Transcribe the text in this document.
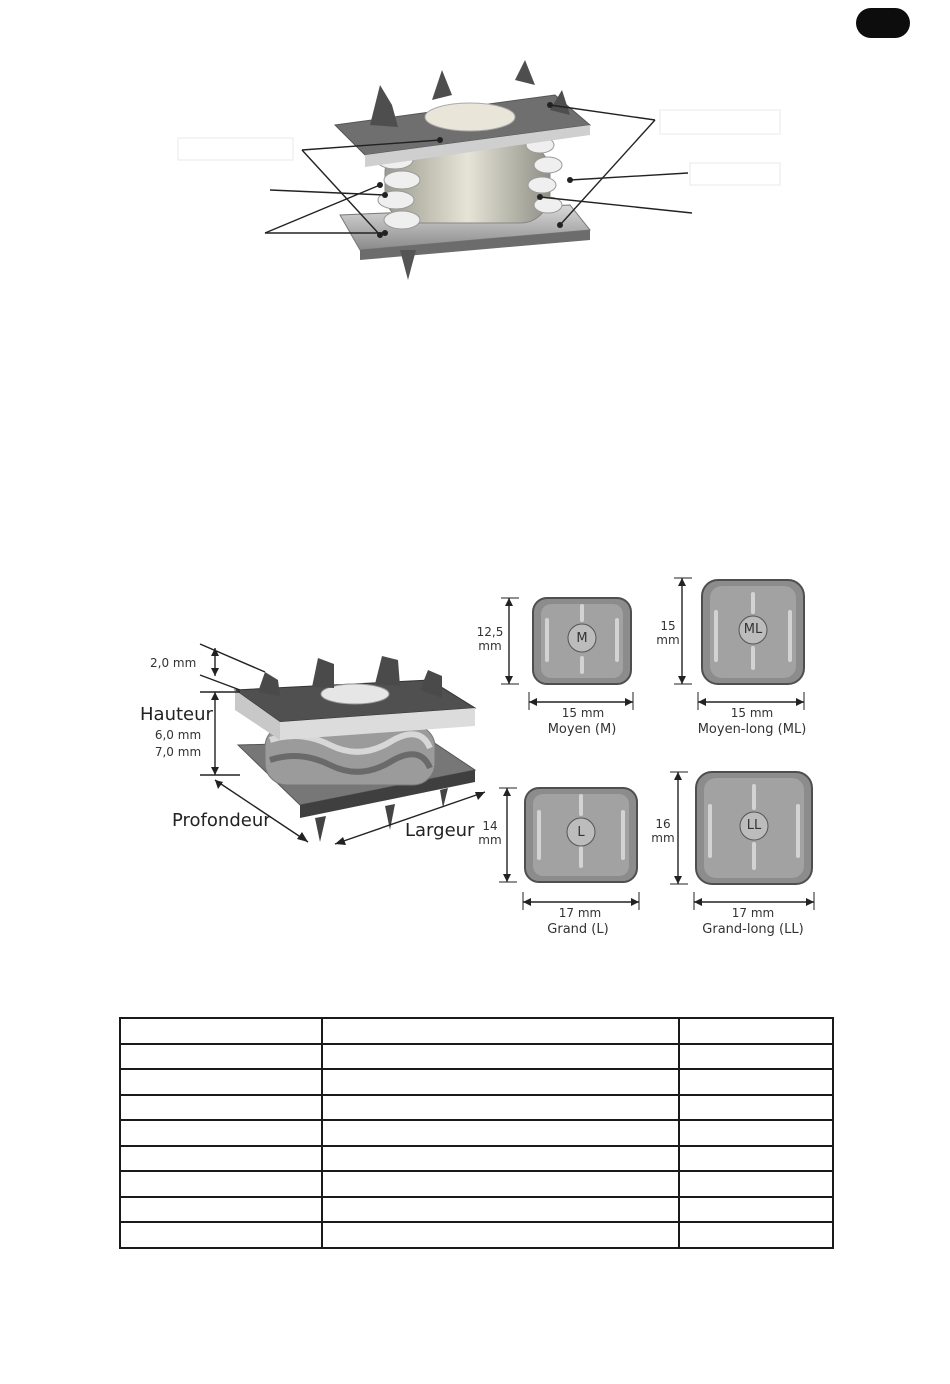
2,0 mm
Hauteur
6,0 mm
7,0 mm
Profondeur	Largeur
M
12,5
mm
15 mm
Moyen (M)
ML
15
mm
15 mm
Moyen-long (ML)
L
14
mm
17 mm
Grand (L)
LL
16
mm
17 mm
Grand-long (LL)
